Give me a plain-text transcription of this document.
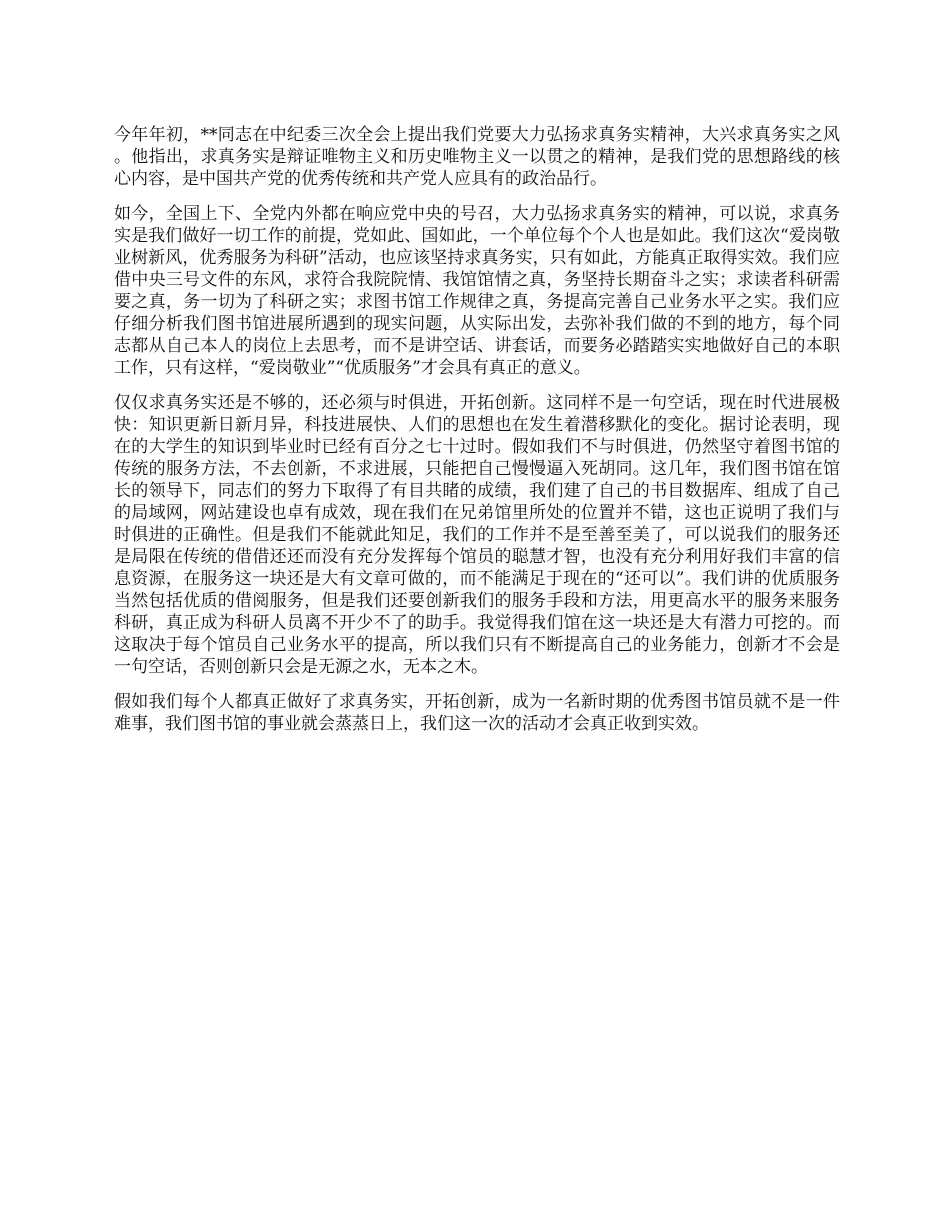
今年年初，**同志在中纪委三次全会上提出我们党要大力弘扬求真务实精神，大兴求真务实之风。他指出，求真务实是辩证唯物主义和历史唯物主义一以贯之的精神，是我们党的思想路线的核心内容，是中国共产党的优秀传统和共产党人应具有的政治品行。

如今，全国上下、全党内外都在响应党中央的号召，大力弘扬求真务实的精神，可以说，求真务实是我们做好一切工作的前提，党如此、国如此，一个单位每个个人也是如此。我们这次“爱岗敬业树新风，优秀服务为科研”活动，也应该坚持求真务实，只有如此，方能真正取得实效。我们应借中央三号文件的东风，求符合我院院情、我馆馆情之真，务坚持长期奋斗之实；求读者科研需要之真，务一切为了科研之实；求图书馆工作规律之真，务提高完善自己业务水平之实。我们应仔细分析我们图书馆进展所遇到的现实问题，从实际出发，去弥补我们做的不到的地方，每个同志都从自己本人的岗位上去思考，而不是讲空话、讲套话，而要务必踏踏实实地做好自己的本职工作，只有这样，“爱岗敬业”“优质服务”才会具有真正的意义。

仅仅求真务实还是不够的，还必须与时俱进，开拓创新。这同样不是一句空话，现在时代进展极快：知识更新日新月异，科技进展快、人们的思想也在发生着潜移默化的变化。据讨论表明，现在的大学生的知识到毕业时已经有百分之七十过时。假如我们不与时俱进，仍然坚守着图书馆的传统的服务方法，不去创新，不求进展，只能把自己慢慢逼入死胡同。这几年，我们图书馆在馆长的领导下，同志们的努力下取得了有目共睹的成绩，我们建了自己的书目数据库、组成了自己的局域网，网站建设也卓有成效，现在我们在兄弟馆里所处的位置并不错，这也正说明了我们与时俱进的正确性。但是我们不能就此知足，我们的工作并不是至善至美了，可以说我们的服务还是局限在传统的借借还还而没有充分发挥每个馆员的聪慧才智，也没有充分利用好我们丰富的信息资源，在服务这一块还是大有文章可做的，而不能满足于现在的“还可以”。我们讲的优质服务当然包括优质的借阅服务，但是我们还要创新我们的服务手段和方法，用更高水平的服务来服务科研，真正成为科研人员离不开少不了的助手。我觉得我们馆在这一块还是大有潜力可挖的。而这取决于每个馆员自己业务水平的提高，所以我们只有不断提高自己的业务能力，创新才不会是一句空话，否则创新只会是无源之水，无本之木。

假如我们每个人都真正做好了求真务实，开拓创新，成为一名新时期的优秀图书馆员就不是一件难事，我们图书馆的事业就会蒸蒸日上，我们这一次的活动才会真正收到实效。
